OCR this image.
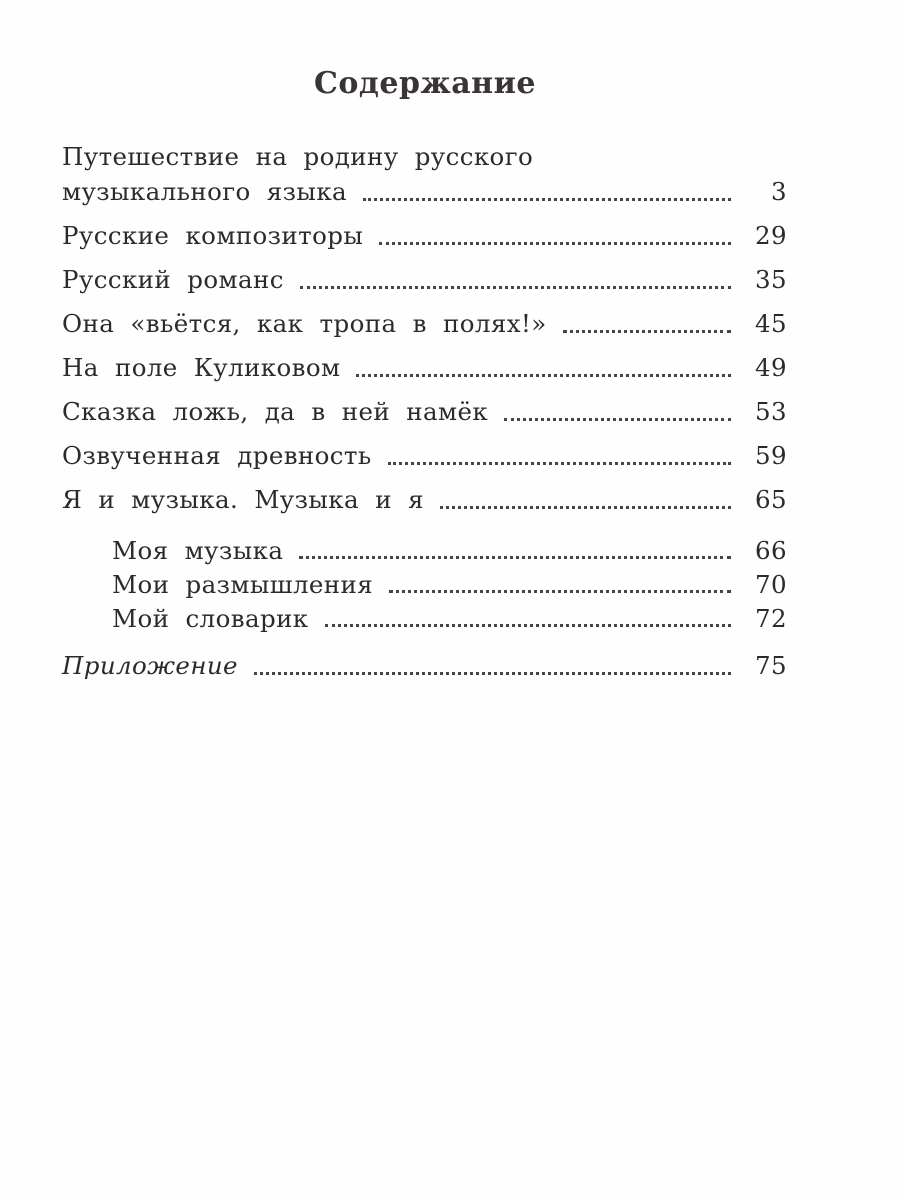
Содержание
Путешествие на родину русского
музыкального языка	3
Русские композиторы	29
Русский романс	35
Она «вьётся, как тропа в полях!»	45
На поле Куликовом	49
Сказка ложь, да в ней намёк	53
Озвученная древность	59
Я и музыка. Музыка и я	65
Моя музыка	66
Мои размышления	70
Мой словарик	72
Приложение	75
